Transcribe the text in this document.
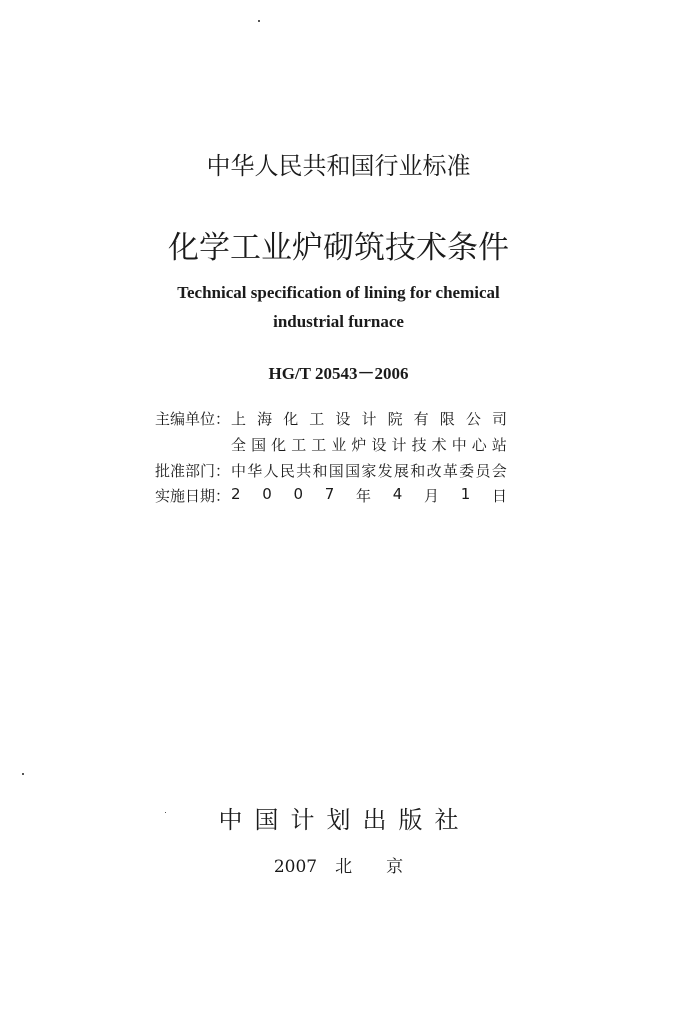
中华人民共和国行业标准
化学工业炉砌筑技术条件
Technical specification of lining for chemical
industrial furnace
HG/T 20543－2006
主编单位： 上 海 化 工 设 计 院 有 限 公 司
全 国 化 工 工 业 炉 设 计 技 术 中 心 站
批准部门： 中 华 人 民 共 和 国 国 家 发 展 和 改 革 委 员 会
实施日期： 2 0 0 7 年 4 月 1 日
中 国 计 划 出 版 社
2007 北 京
